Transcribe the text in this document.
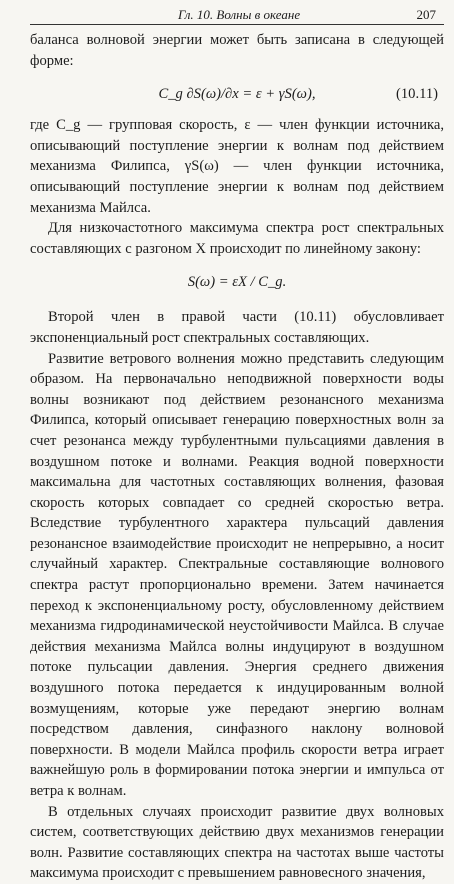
Гл. 10. Волны в океане	207

баланса волновой энергии может быть записана в следующей форме:

C_g ∂S(ω)/∂x = ε + γS(ω),	(10.11)

где C_g — групповая скорость, ε — член функции источника, описывающий поступление энергии к волнам под действием механизма Филипса, γS(ω) — член функции источника, описывающий поступление энергии к волнам под действием механизма Майлса.

Для низкочастотного максимума спектра рост спектральных составляющих с разгоном X происходит по линейному закону:

S(ω) = εX / C_g.

Второй член в правой части (10.11) обусловливает экспоненциальный рост спектральных составляющих.

Развитие ветрового волнения можно представить следующим образом. На первоначально неподвижной поверхности воды волны возникают под действием резонансного механизма Филипса, который описывает генерацию поверхностных волн за счет резонанса между турбулентными пульсациями давления в воздушном потоке и волнами. Реакция водной поверхности максимальна для частотных составляющих волнения, фазовая скорость которых совпадает со средней скоростью ветра. Вследствие турбулентного характера пульсаций давления резонансное взаимодействие происходит не непрерывно, а носит случайный характер. Спектральные составляющие волнового спектра растут пропорционально времени. Затем начинается переход к экспоненциальному росту, обусловленному действием механизма гидродинамической неустойчивости Майлса. В случае действия механизма Майлса волны индуцируют в воздушном потоке пульсации давления. Энергия среднего движения воздушного потока передается к индуцированным волной возмущениям, которые уже передают энергию волнам посредством давления, синфазного наклону волновой поверхности. В модели Майлса профиль скорости ветра играет важнейшую роль в формировании потока энергии и импульса от ветра к волнам.

В отдельных случаях происходит развитие двух волновых систем, соответствующих действию двух механизмов генерации волн. Развитие составляющих спектра на частотах выше частоты максимума происходит с превышением равновесного значения,
